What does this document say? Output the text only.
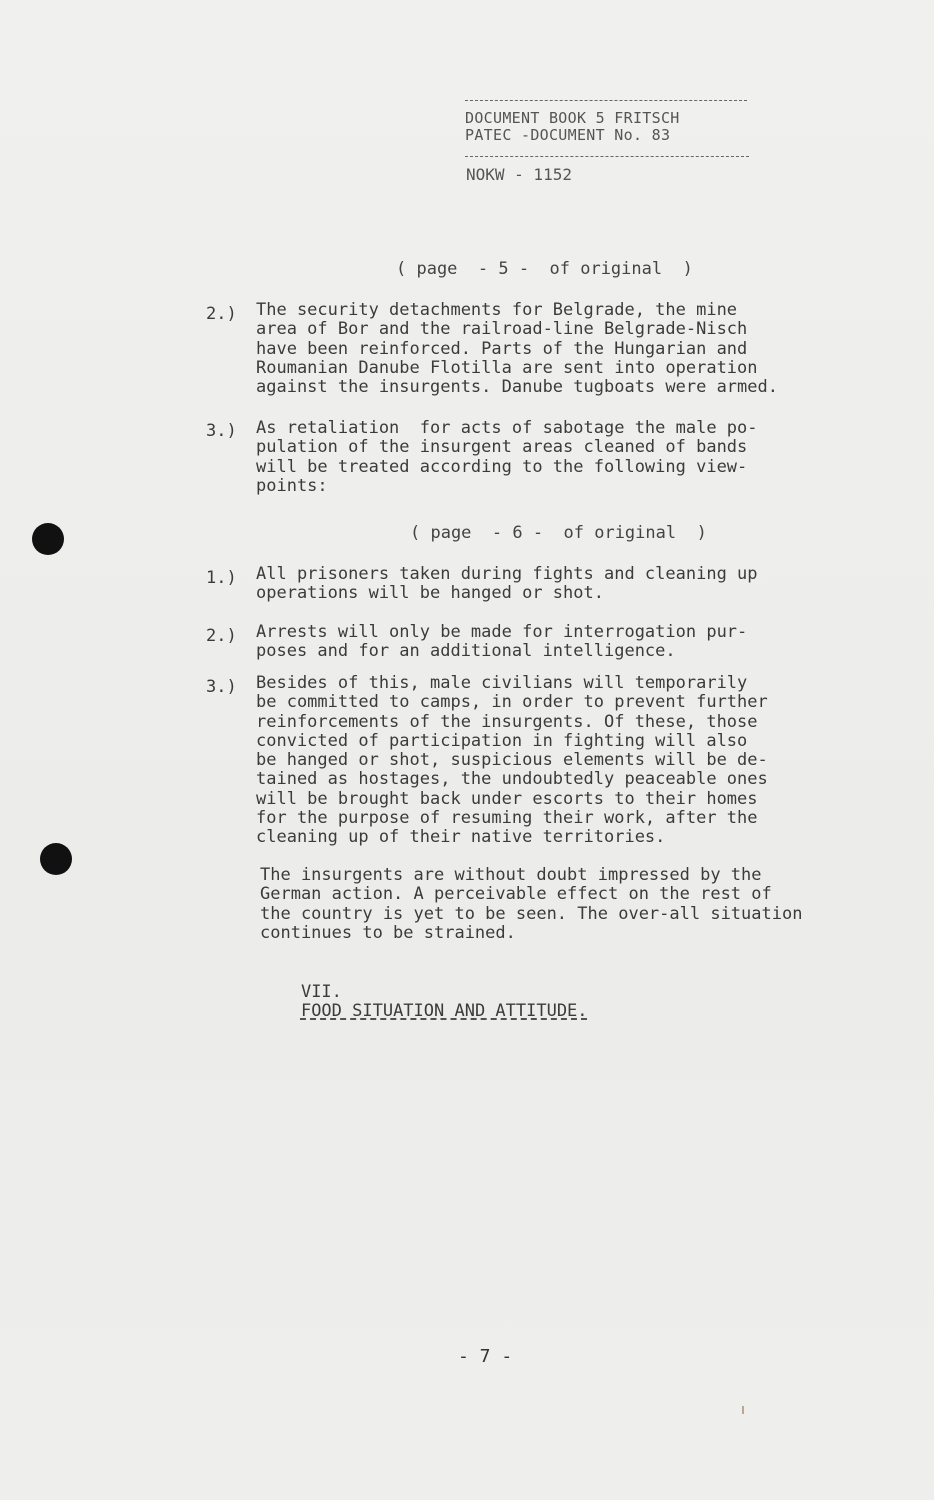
DOCUMENT BOOK 5 FRITSCH
PATEC -DOCUMENT No. 83
NOKW - 1152
( page  - 5 -  of original  )
2.) The security detachments for Belgrade, the mine
area of Bor and the railroad-line Belgrade-Nisch
have been reinforced. Parts of the Hungarian and
Roumanian Danube Flotilla are sent into operation
against the insurgents. Danube tugboats were armed.
3.) As retaliation  for acts of sabotage the male po-
pulation of the insurgent areas cleaned of bands
will be treated according to the following view-
points:
( page  - 6 -  of original  )
1.) All prisoners taken during fights and cleaning up
operations will be hanged or shot.
2.) Arrests will only be made for interrogation pur-
poses and for an additional intelligence.
3.) Besides of this, male civilians will temporarily
be committed to camps, in order to prevent further
reinforcements of the insurgents. Of these, those
convicted of participation in fighting will also
be hanged or shot, suspicious elements will be de-
tained as hostages, the undoubtedly peaceable ones
will be brought back under escorts to their homes
for the purpose of resuming their work, after the
cleaning up of their native territories.
The insurgents are without doubt impressed by the
German action. A perceivable effect on the rest of
the country is yet to be seen. The over-all situation
continues to be strained.

VII.
FOOD SITUATION AND ATTITUDE.

- 7 -
